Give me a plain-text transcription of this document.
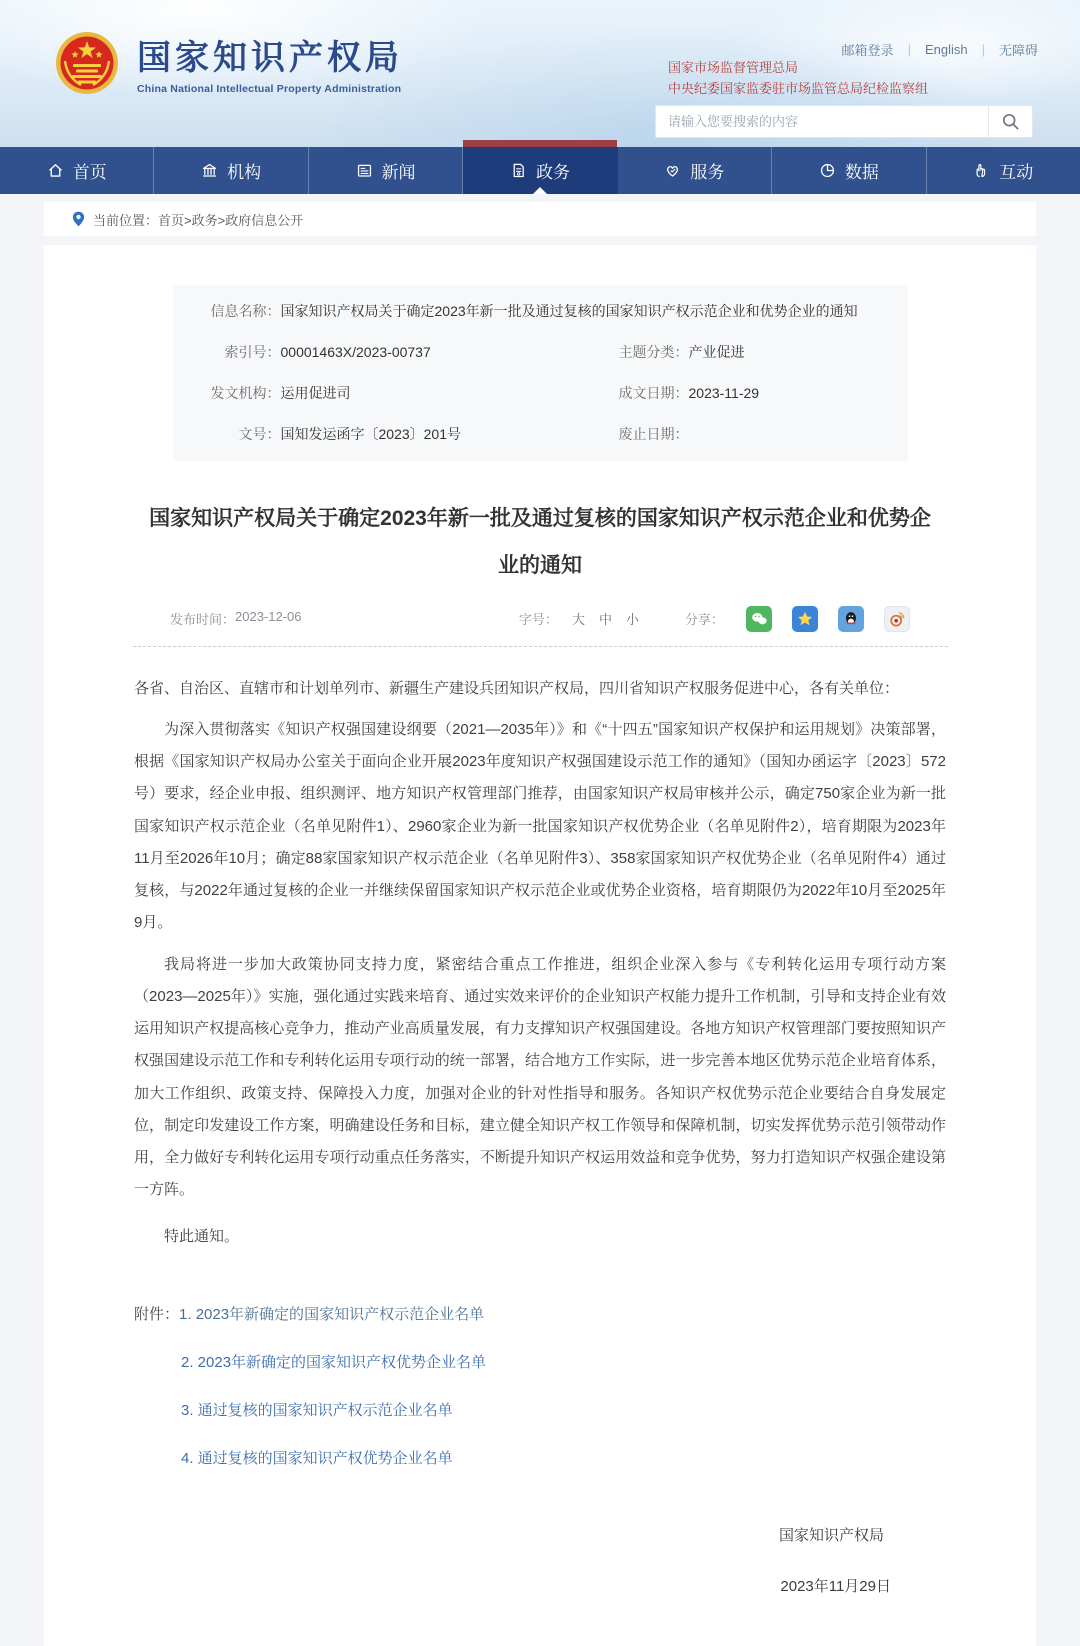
国家知识产权局
China National Intellectual Property Administration
邮箱登录 | English | 无障碍
国家市场监督管理总局
中央纪委国家监委驻市场监管总局纪检监察组
请输入您要搜索的内容
首页	机构	新闻	政务	服务	数据	互动
当前位置： 首页>政务>政府信息公开
信息名称： 国家知识产权局关于确定2023年新一批及通过复核的国家知识产权示范企业和优势企业的通知
索引号： 00001463X/2023-00737	主题分类： 产业促进
发文机构： 运用促进司	成文日期： 2023-11-29
文号： 国知发运函字〔2023〕201号	废止日期：
国家知识产权局关于确定2023年新一批及通过复核的国家知识产权示范企业和优势企业的通知
发布时间： 2023-12-06	字号： 大 中 小	分享：

各省、自治区、直辖市和计划单列市、新疆生产建设兵团知识产权局，四川省知识产权服务促进中心，各有关单位：

为深入贯彻落实《知识产权强国建设纲要（2021—2035年）》和《“十四五”国家知识产权保护和运用规划》决策部署，根据《国家知识产权局办公室关于面向企业开展2023年度知识产权强国建设示范工作的通知》（国知办函运字〔2023〕572号）要求，经企业申报、组织测评、地方知识产权管理部门推荐，由国家知识产权局审核并公示，确定750家企业为新一批国家知识产权示范企业（名单见附件1）、2960家企业为新一批国家知识产权优势企业（名单见附件2），培育期限为2023年11月至2026年10月；确定88家国家知识产权示范企业（名单见附件3）、358家国家知识产权优势企业（名单见附件4）通过复核，与2022年通过复核的企业一并继续保留国家知识产权示范企业或优势企业资格，培育期限仍为2022年10月至2025年9月。

我局将进一步加大政策协同支持力度，紧密结合重点工作推进，组织企业深入参与《专利转化运用专项行动方案（2023—2025年）》实施，强化通过实践来培育、通过实效来评价的企业知识产权能力提升工作机制，引导和支持企业有效运用知识产权提高核心竞争力，推动产业高质量发展，有力支撑知识产权强国建设。各地方知识产权管理部门要按照知识产权强国建设示范工作和专利转化运用专项行动的统一部署，结合地方工作实际，进一步完善本地区优势示范企业培育体系，加大工作组织、政策支持、保障投入力度，加强对企业的针对性指导和服务。各知识产权优势示范企业要结合自身发展定位，制定印发建设工作方案，明确建设任务和目标，建立健全知识产权工作领导和保障机制，切实发挥优势示范引领带动作用，全力做好专利转化运用专项行动重点任务落实，不断提升知识产权运用效益和竞争优势，努力打造知识产权强企建设第一方阵。

特此通知。

附件： 1. 2023年新确定的国家知识产权示范企业名单
2. 2023年新确定的国家知识产权优势企业名单
3. 通过复核的国家知识产权示范企业名单
4. 通过复核的国家知识产权优势企业名单
国家知识产权局
2023年11月29日
